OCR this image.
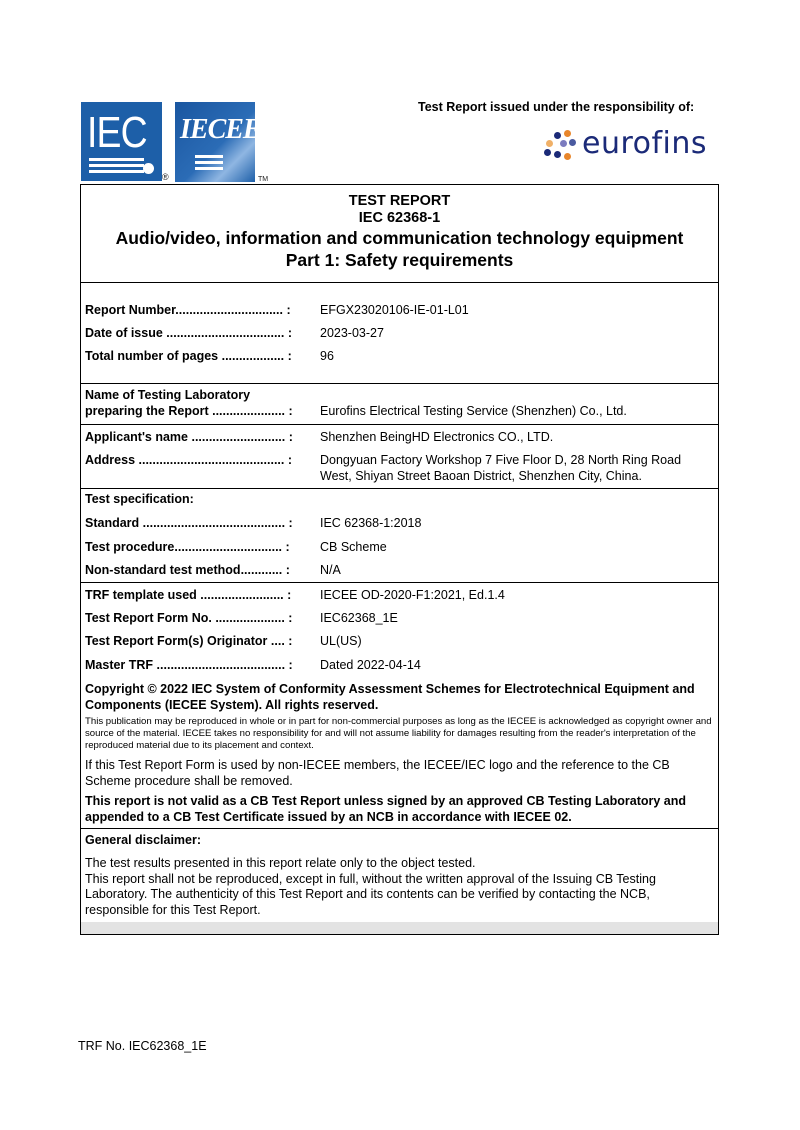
IEC
®
IECEE
TM
Test Report issued under the responsibility of:
eurofins
TEST REPORT
IEC 62368-1
Audio/video, information and communication technology equipment
Part 1: Safety requirements
Report Number............................... :	EFGX23020106-IE-01-L01
Date of issue .................................. :	2023-03-27
Total number of pages .................. :	96
Name of Testing Laboratory
preparing the Report ..................... :	Eurofins Electrical Testing Service (Shenzhen) Co., Ltd.
Applicant's name ........................... :	Shenzhen BeingHD Electronics CO., LTD.
Address .......................................... :	Dongyuan Factory Workshop 7 Five Floor D, 28 North Ring Road
West, Shiyan Street Baoan District, Shenzhen City, China.
Test specification:
Standard ......................................... :	IEC 62368-1:2018
Test procedure............................... :	CB Scheme
Non-standard test method............ :	N/A
TRF template used ........................ :	IECEE OD-2020-F1:2021, Ed.1.4
Test Report Form No. .................... :	IEC62368_1E
Test Report Form(s) Originator .... :	UL(US)
Master TRF ..................................... :	Dated 2022-04-14
Copyright © 2022 IEC System of Conformity Assessment Schemes for Electrotechnical Equipment and Components (IECEE System). All rights reserved.
This publication may be reproduced in whole or in part for non-commercial purposes as long as the IECEE is acknowledged as copyright owner and source of the material. IECEE takes no responsibility for and will not assume liability for damages resulting from the reader's interpretation of the reproduced material due to its placement and context.
If this Test Report Form is used by non-IECEE members, the IECEE/IEC logo and the reference to the CB Scheme procedure shall be removed.
This report is not valid as a CB Test Report unless signed by an approved CB Testing Laboratory and appended to a CB Test Certificate issued by an NCB in accordance with IECEE 02.
General disclaimer:
The test results presented in this report relate only to the object tested.
This report shall not be reproduced, except in full, without the written approval of the Issuing CB Testing Laboratory. The authenticity of this Test Report and its contents can be verified by contacting the NCB, responsible for this Test Report.
TRF No. IEC62368_1E
